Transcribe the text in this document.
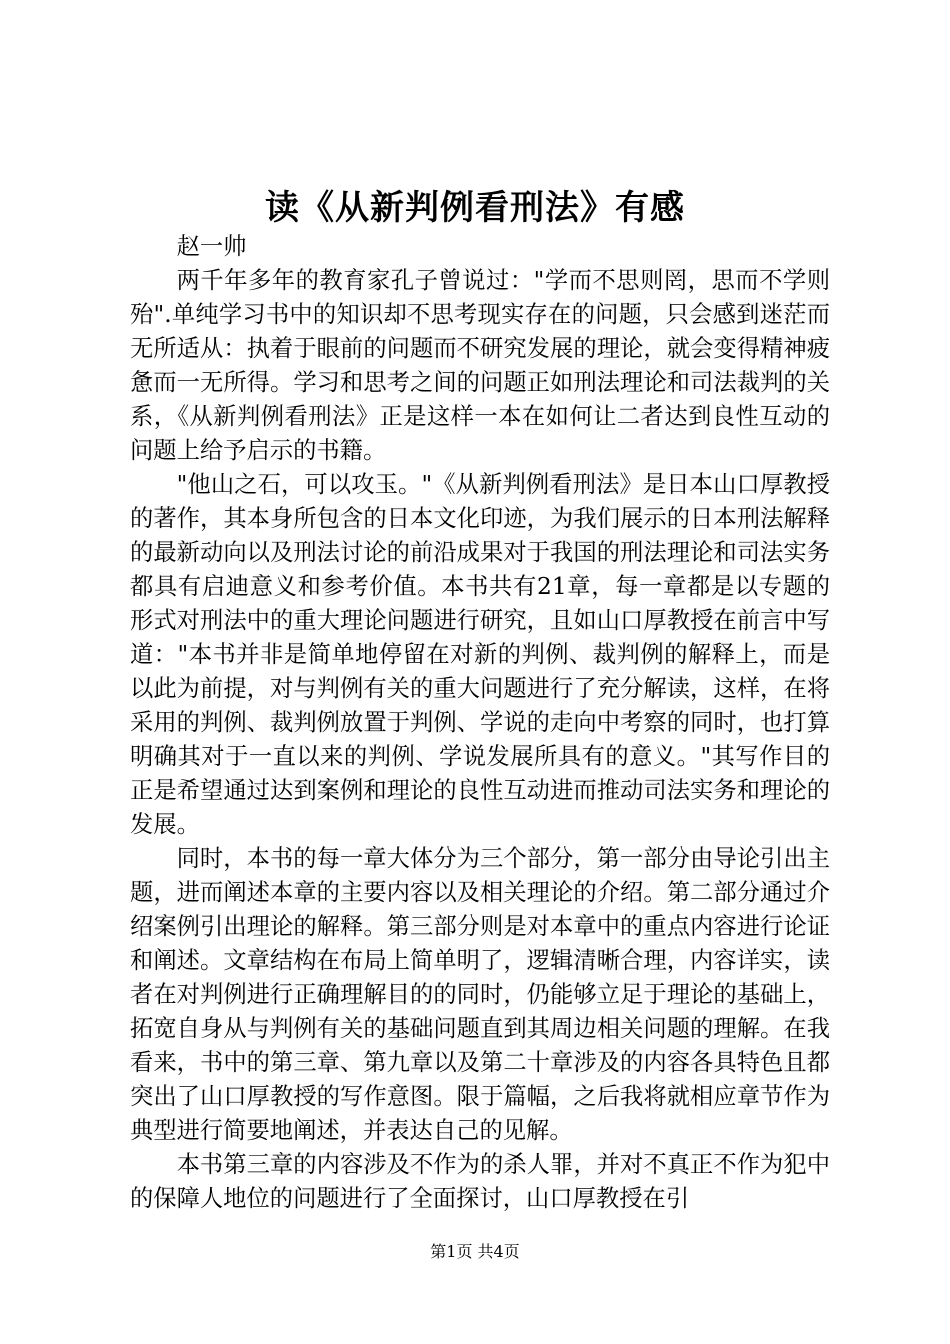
读《从新判例看刑法》有感

赵一帅

两千年多年的教育家孔子曾说过："学而不思则罔，思而不学则殆".单纯学习书中的知识却不思考现实存在的问题，只会感到迷茫而无所适从：执着于眼前的问题而不研究发展的理论，就会变得精神疲惫而一无所得。学习和思考之间的问题正如刑法理论和司法裁判的关系，《从新判例看刑法》正是这样一本在如何让二者达到良性互动的问题上给予启示的书籍。

"他山之石，可以攻玉。"《从新判例看刑法》是日本山口厚教授的著作，其本身所包含的日本文化印迹，为我们展示的日本刑法解释的最新动向以及刑法讨论的前沿成果对于我国的刑法理论和司法实务都具有启迪意义和参考价值。本书共有21章，每一章都是以专题的形式对刑法中的重大理论问题进行研究，且如山口厚教授在前言中写道："本书并非是简单地停留在对新的判例、裁判例的解释上，而是以此为前提，对与判例有关的重大问题进行了充分解读，这样，在将采用的判例、裁判例放置于判例、学说的走向中考察的同时，也打算明确其对于一直以来的判例、学说发展所具有的意义。"其写作目的正是希望通过达到案例和理论的良性互动进而推动司法实务和理论的发展。

同时，本书的每一章大体分为三个部分，第一部分由导论引出主题，进而阐述本章的主要内容以及相关理论的介绍。第二部分通过介绍案例引出理论的解释。第三部分则是对本章中的重点内容进行论证和阐述。文章结构在布局上简单明了，逻辑清晰合理，内容详实，读者在对判例进行正确理解目的的同时，仍能够立足于理论的基础上，拓宽自身从与判例有关的基础问题直到其周边相关问题的理解。在我看来，书中的第三章、第九章以及第二十章涉及的内容各具特色且都突出了山口厚教授的写作意图。限于篇幅，之后我将就相应章节作为典型进行简要地阐述，并表达自己的见解。

本书第三章的内容涉及不作为的杀人罪，并对不真正不作为犯中的保障人地位的问题进行了全面探讨，山口厚教授在引

第1页 共4页
